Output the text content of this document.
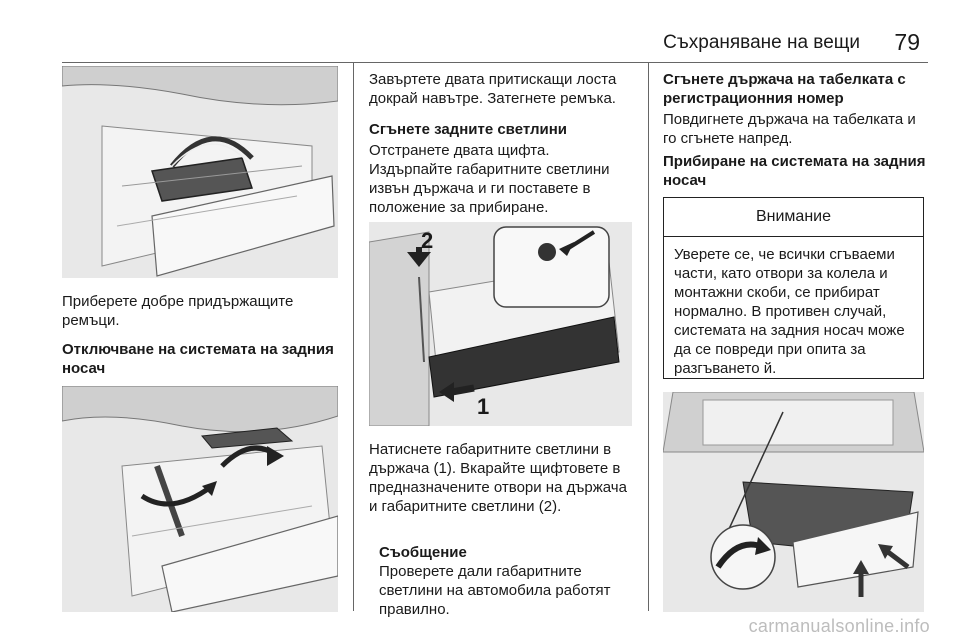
Съхраняване на вещи 79
Приберете добре придържащите ремъци.
Отключване на системата на задния носач
Завъртете двата притискащи лоста докрай навътре. Затегнете ремъка.
Сгънете задните светлини
Отстранете двата щифта. Издърпайте габаритните светлини извън държача и ги поставете в положение за прибиране.
2
1
Натиснете габаритните светлини в държача (1). Вкарайте щифтовете в предназначените отвори на държача и габаритните светлини (2).
Съобщение
Проверете дали габаритните светлини на автомобила работят правилно.
Сгънете държача на табелката с регистрационния номер
Повдигнете държача на табелката и го сгънете напред.
Прибиране на системата на задния носач
Внимание
Уверете се, че всички сгъваеми части, като отвори за колела и монтажни скоби, се прибират нормално. В противен случай, системата на задния носач може да се повреди при опита за разгъването й.
carmanualsonline.info
